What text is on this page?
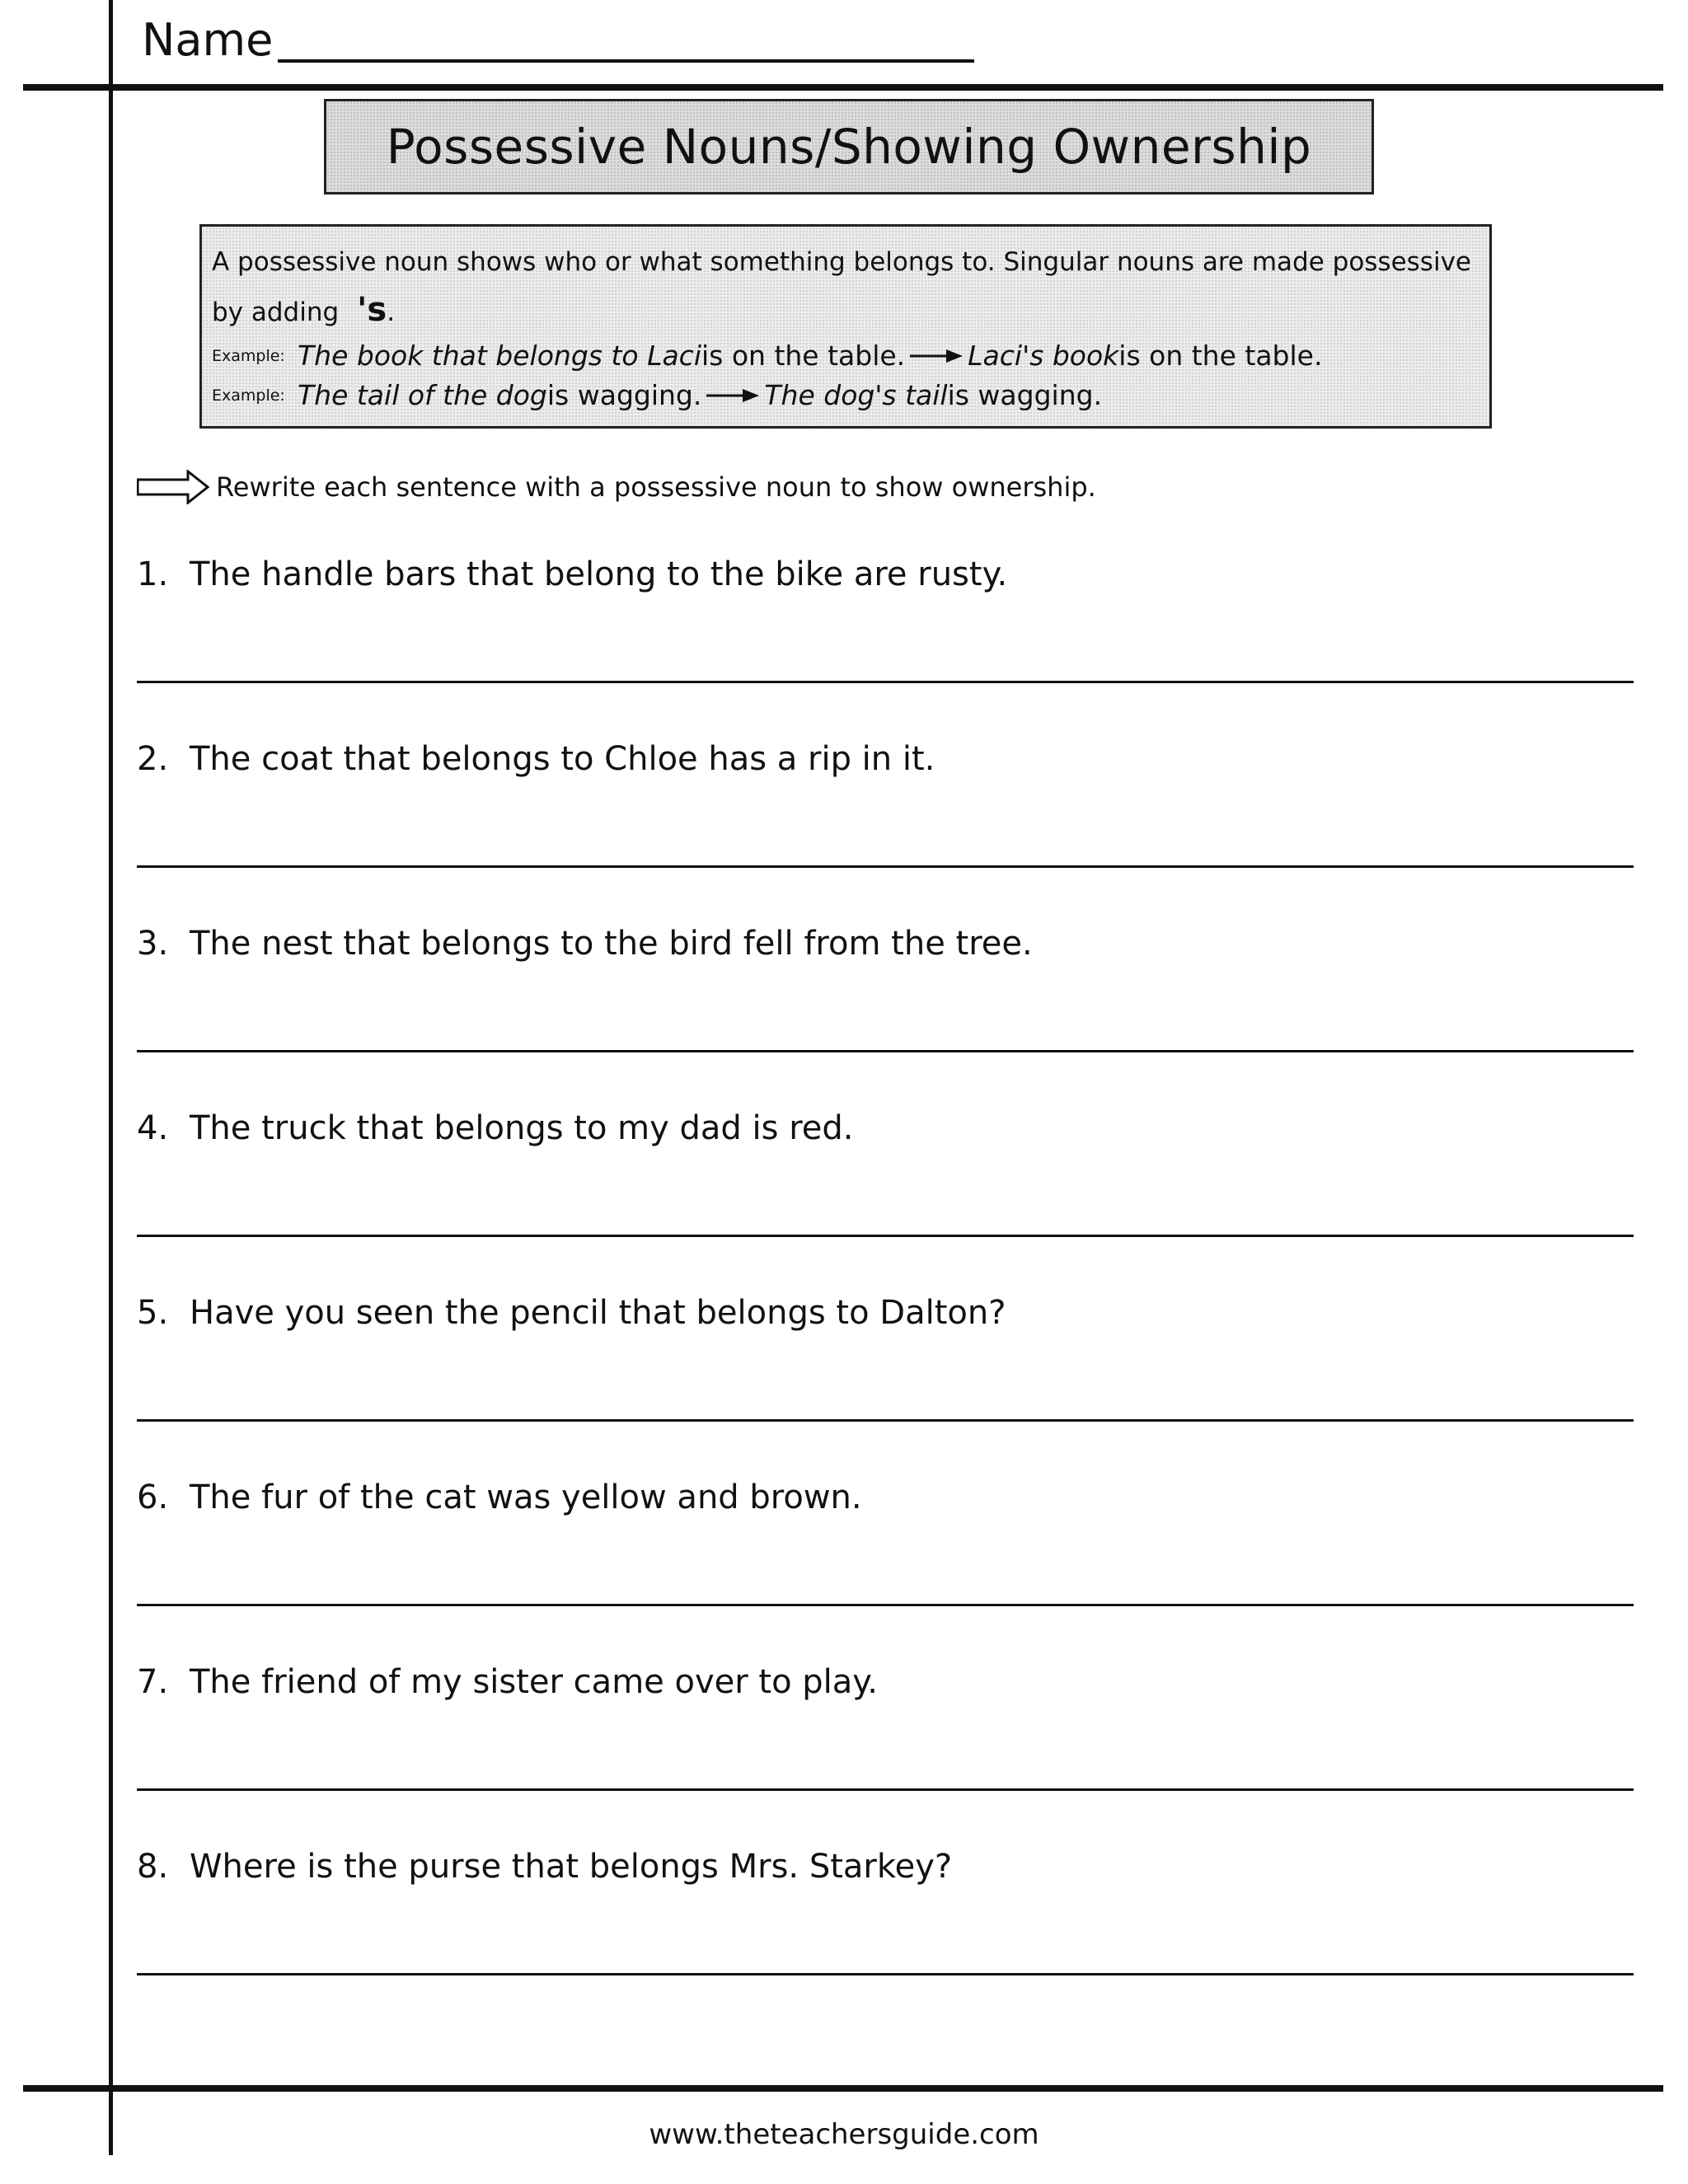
Name
Possessive Nouns/Showing Ownership
A possessive noun shows who or what something belongs to. Singular nouns are made possessive
by adding 's.
Example: The book that belongs to Laci is on the table. Laci's book is on the table.
Example: The tail of the dog is wagging. The dog's tail is wagging.
Rewrite each sentence with a possessive noun to show ownership.
1. The handle bars that belong to the bike are rusty.
2. The coat that belongs to Chloe has a rip in it.
3. The nest that belongs to the bird fell from the tree.
4. The truck that belongs to my dad is red.
5. Have you seen the pencil that belongs to Dalton?
6. The fur of the cat was yellow and brown.
7. The friend of my sister came over to play.
8. Where is the purse that belongs Mrs. Starkey?
www.theteachersguide.com
